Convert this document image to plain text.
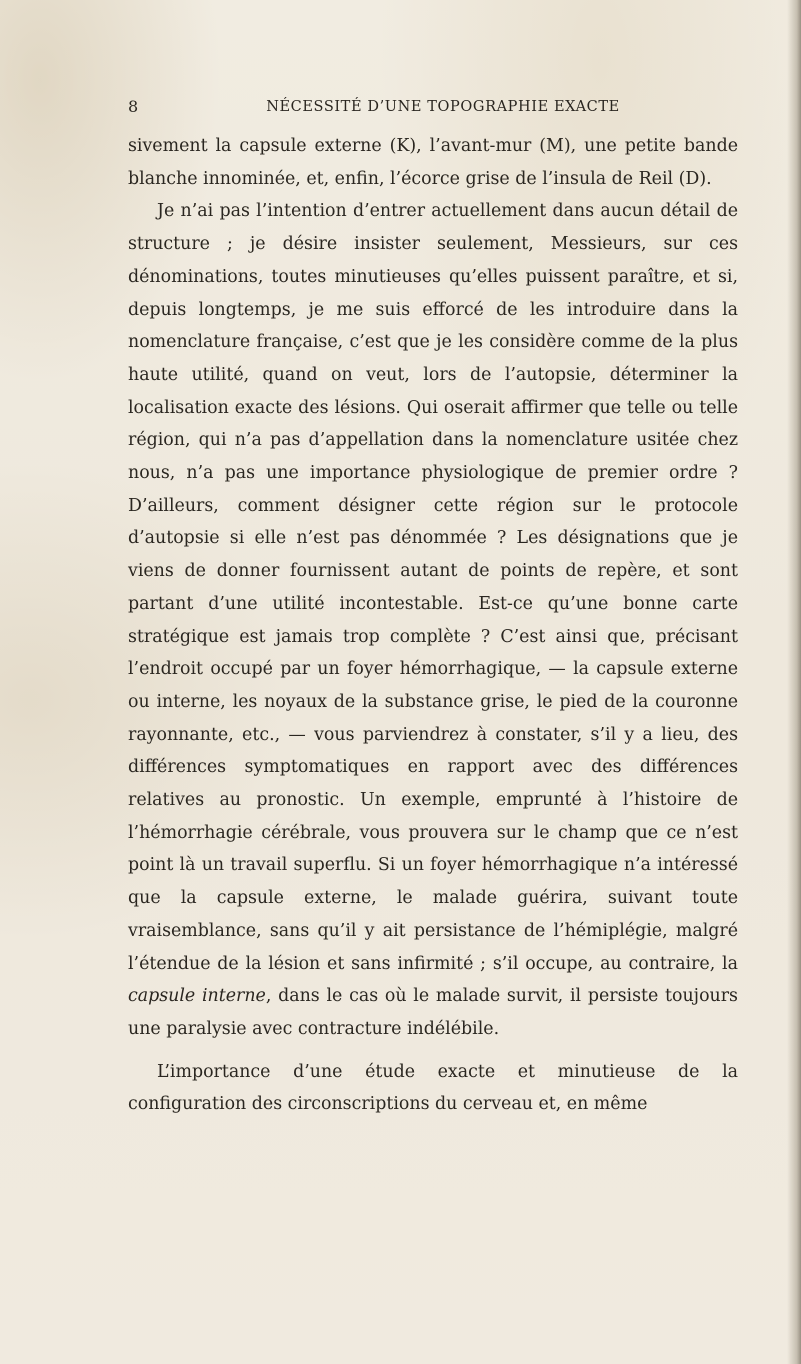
8	NÉCESSITÉ D’UNE TOPOGRAPHIE EXACTE

sivement la capsule externe (K), l’avant-mur (M), une petite bande blanche innominée, et, enfin, l’écorce grise de l’insula de Reil (D).

Je n’ai pas l’intention d’entrer actuellement dans aucun détail de structure ; je désire insister seulement, Messieurs, sur ces dénominations, toutes minutieuses qu’elles puissent paraître, et si, depuis longtemps, je me suis efforcé de les introduire dans la nomenclature française, c’est que je les considère comme de la plus haute utilité, quand on veut, lors de l’autopsie, déterminer la localisation exacte des lésions. Qui oserait affirmer que telle ou telle région, qui n’a pas d’appellation dans la nomenclature usitée chez nous, n’a pas une importance physiologique de premier ordre ? D’ailleurs, comment désigner cette région sur le protocole d’autopsie si elle n’est pas dénommée ? Les désignations que je viens de donner fournissent autant de points de repère, et sont partant d’une utilité incontestable. Est-ce qu’une bonne carte stratégique est jamais trop complète ? C’est ainsi que, précisant l’endroit occupé par un foyer hémorrhagique, — la capsule externe ou interne, les noyaux de la substance grise, le pied de la couronne rayonnante, etc., — vous parviendrez à constater, s’il y a lieu, des différences symptomatiques en rapport avec des différences relatives au pronostic. Un exemple, emprunté à l’histoire de l’hémorrhagie cérébrale, vous prouvera sur le champ que ce n’est point là un travail superflu. Si un foyer hémorrhagique n’a intéressé que la capsule externe, le malade guérira, suivant toute vraisemblance, sans qu’il y ait persistance de l’hémiplégie, malgré l’étendue de la lésion et sans infirmité ; s’il occupe, au contraire, la capsule interne, dans le cas où le malade survit, il persiste toujours une paralysie avec contracture indélébile.

L’importance d’une étude exacte et minutieuse de la configuration des circonscriptions du cerveau et, en même
